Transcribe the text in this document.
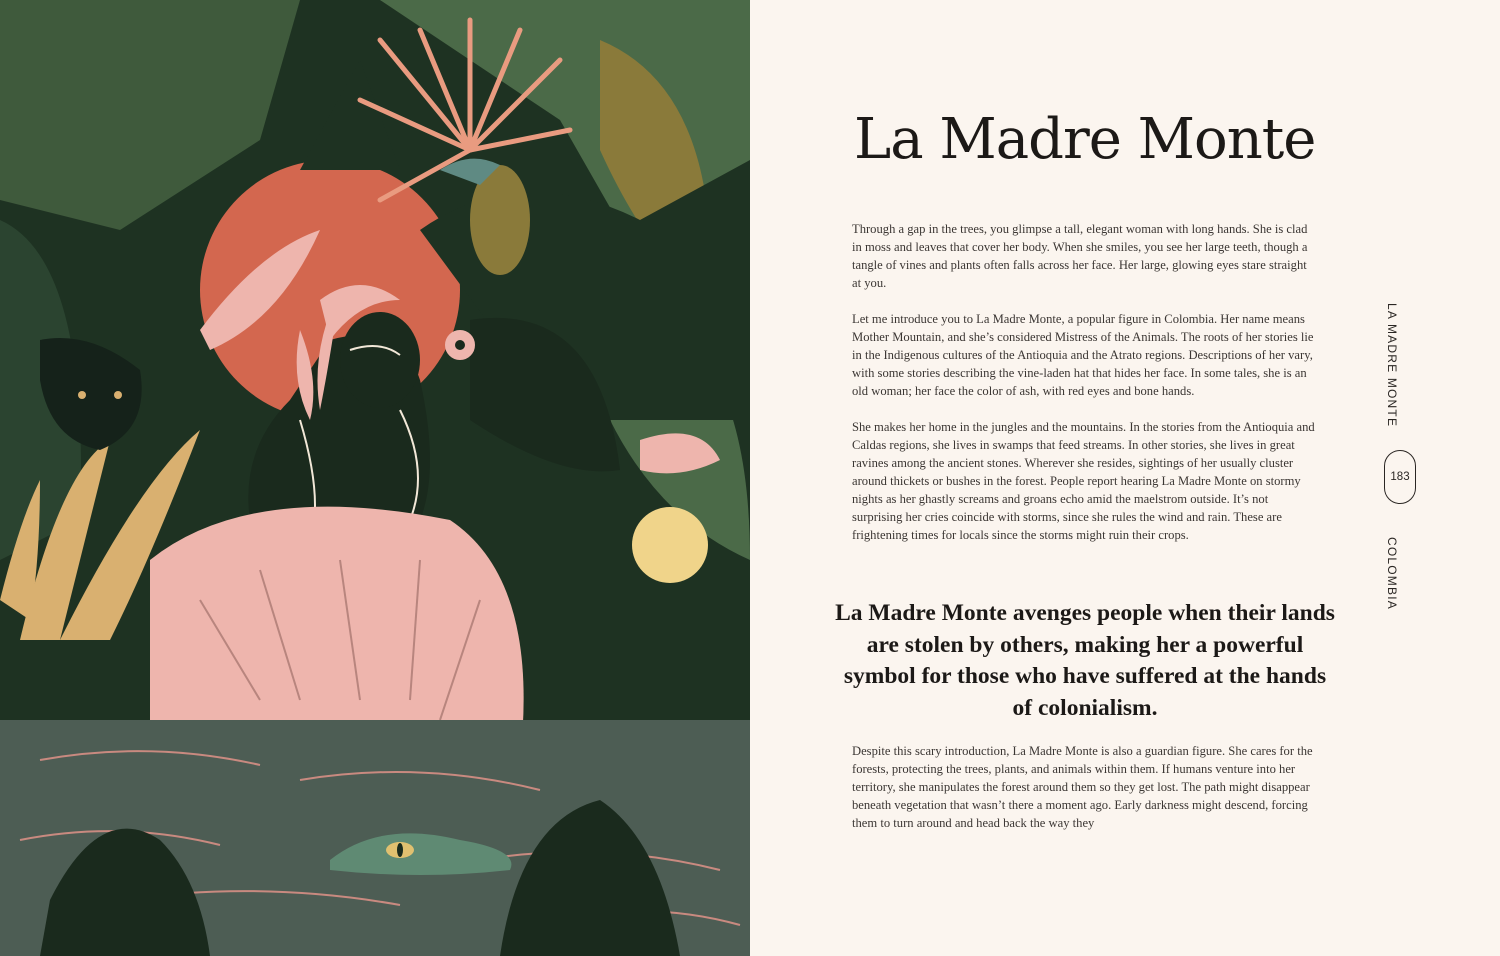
La Madre Monte

Through a gap in the trees, you glimpse a tall, elegant woman with long hands. She is clad in moss and leaves that cover her body. When she smiles, you see her large teeth, though a tangle of vines and plants often falls across her face. Her large, glowing eyes stare straight at you.

Let me introduce you to La Madre Monte, a popular figure in Colombia. Her name means Mother Mountain, and she’s considered Mistress of the Animals. The roots of her stories lie in the Indigenous cultures of the Antioquia and the Atrato regions. Descriptions of her vary, with some stories describing the vine-laden hat that hides her face. In some tales, she is an old woman; her face the color of ash, with red eyes and bone hands.

She makes her home in the jungles and the mountains. In the stories from the Antioquia and Caldas regions, she lives in swamps that feed streams. In other stories, she lives in great ravines among the ancient stones. Wherever she resides, sightings of her usually cluster around thickets or bushes in the forest. People report hearing La Madre Monte on stormy nights as her ghastly screams and groans echo amid the maelstrom outside. It’s not surprising her cries coincide with storms, since she rules the wind and rain. These are frightening times for locals since the storms might ruin their crops.

La Madre Monte avenges people when their lands are stolen by others, making her a powerful symbol for those who have suffered at the hands of colonialism.

Despite this scary introduction, La Madre Monte is also a guardian figure. She cares for the forests, protecting the trees, plants, and animals within them. If humans venture into her territory, she manipulates the forest around them so they get lost. The path might disappear beneath vegetation that wasn’t there a moment ago. Early darkness might descend, forcing them to turn around and head back the way they

LA MADRE MONTE
183
COLOMBIA
